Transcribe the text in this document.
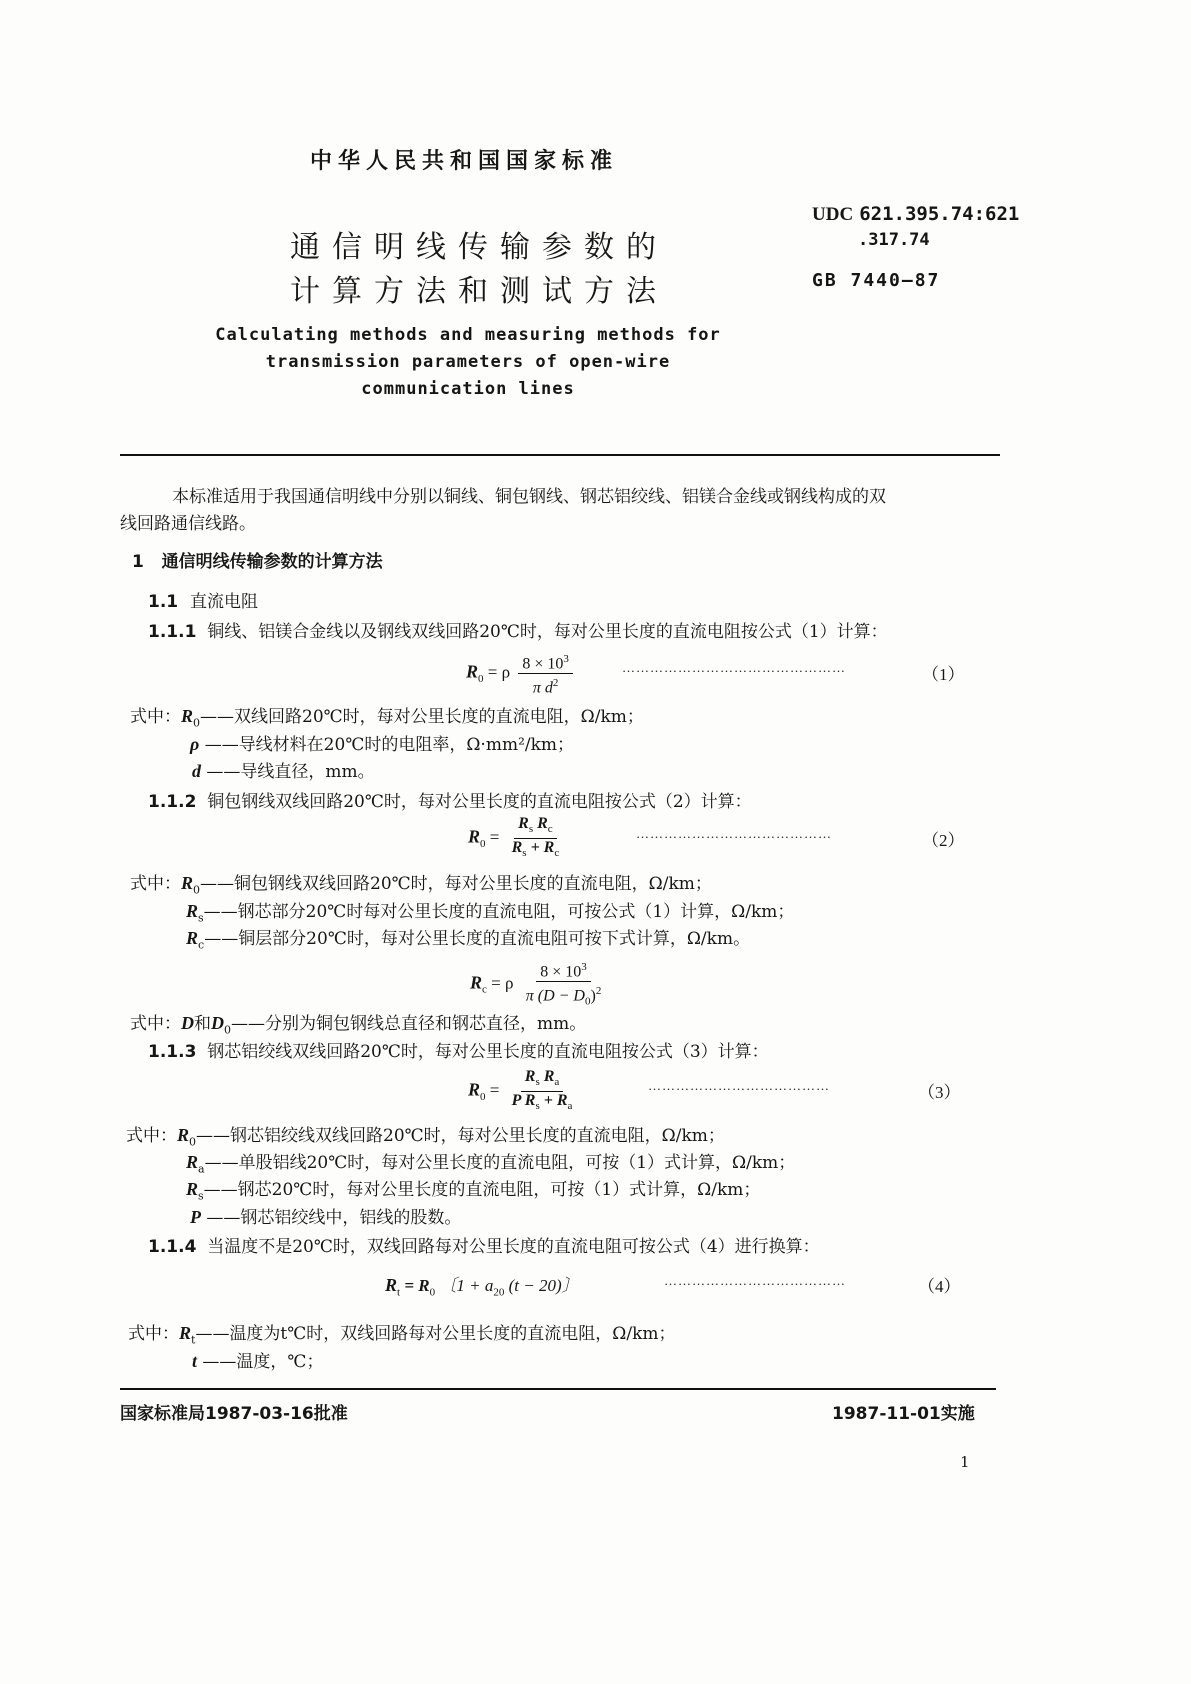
中华人民共和国国家标准
通信明线传输参数的
计算方法和测试方法
UDC 621.395.74:621
.317.74
GB 7440—87
Calculating methods and measuring methods for
transmission parameters of open-wire
communication lines
本标准适用于我国通信明线中分别以铜线、铜包钢线、钢芯铝绞线、铝镁合金线或钢线构成的双
线回路通信线路。
1 通信明线传输参数的计算方法
1.1 直流电阻
1.1.1 铜线、铝镁合金线以及钢线双线回路20℃时，每对公里长度的直流电阻按公式（1）计算：
$R_0 = \rho \frac{8 \times 10^3}{\pi d^2}$	…………………………………………	（1）
式中：$R_0——$双线回路20℃时，每对公里长度的直流电阻，Ω/km；
ρ ——导线材料在20℃时的电阻率，Ω·mm²/km；
d ——导线直径，mm。
1.1.2 铜包钢线双线回路20℃时，每对公里长度的直流电阻按公式（2）计算：
$R_0 = \frac{R_s R_c}{R_s + R_c}$	……………………………………	（2）
式中：$R_0——$铜包钢线双线回路20℃时，每对公里长度的直流电阻，Ω/km；
$R_s——$钢芯部分20℃时每对公里长度的直流电阻，可按公式（1）计算，Ω/km；
$R_c——$铜层部分20℃时，每对公里长度的直流电阻可按下式计算，Ω/km。
$R_c = \rho \frac{8 \times 10^3}{\pi (D - D_0)^2}$
式中：D和$D_0——$分别为铜包钢线总直径和钢芯直径，mm。
1.1.3 钢芯铝绞线双线回路20℃时，每对公里长度的直流电阻按公式（3）计算：
$R_0 = \frac{R_s R_a}{P R_s + R_a}$	…………………………………	（3）
式中：$R_0——$钢芯铝绞线双线回路20℃时，每对公里长度的直流电阻，Ω/km；
$R_a——$单股铝线20℃时，每对公里长度的直流电阻，可按（1）式计算，Ω/km；
$R_s——$钢芯20℃时，每对公里长度的直流电阻，可按（1）式计算，Ω/km；
P ——钢芯铝绞线中，铝线的股数。
1.1.4 当温度不是20℃时，双线回路每对公里长度的直流电阻可按公式（4）进行换算：
$R_t = R_0$ 〔$1 + a_{20}$ (t − 20)〕	…………………………………	（4）
式中：$R_t——$温度为t℃时，双线回路每对公里长度的直流电阻，Ω/km；
t ——温度，℃；
国家标准局1987-03-16批准	1987-11-01实施
1
